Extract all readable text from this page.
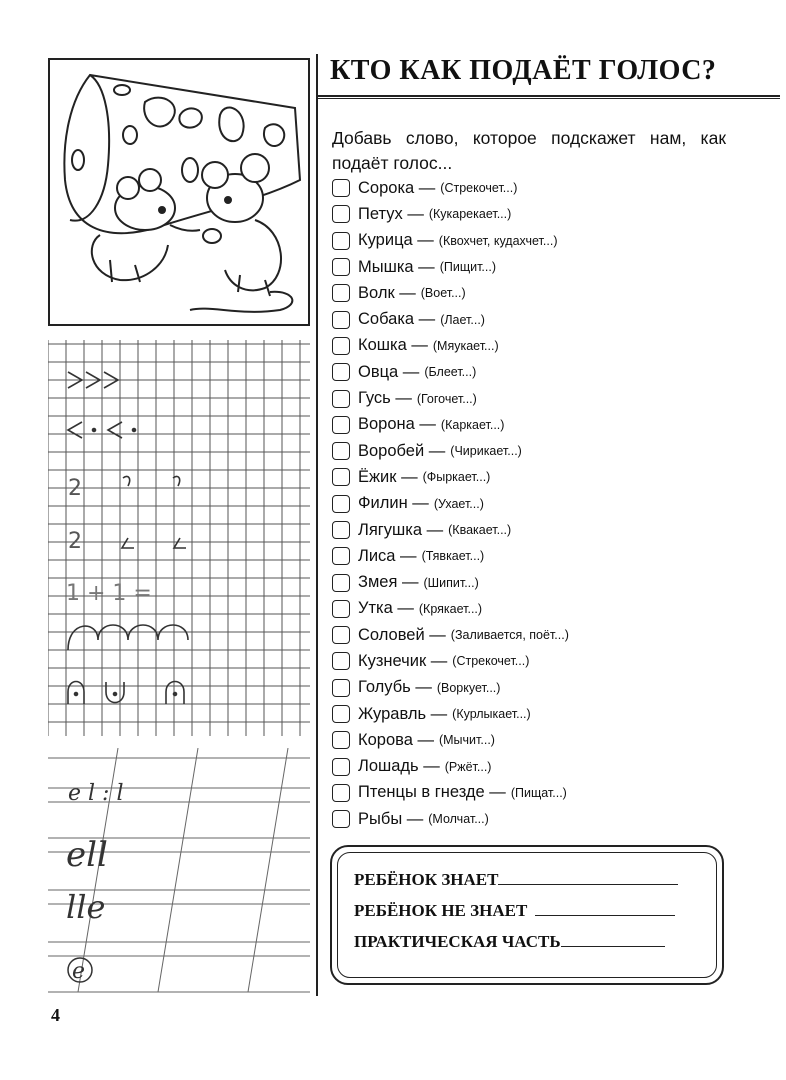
2
2
1 + 1 =
e l : l
ell
lle
e
КТО КАК ПОДАЁТ ГОЛОС?
Добавь слово, которое подскажет нам, как подаёт голос...
Сорока — (Стрекочет...)
Петух — (Кукарекает...)
Курица — (Квохчет, кудахчет...)
Мышка — (Пищит...)
Волк — (Воет...)
Собака — (Лает...)
Кошка — (Мяукает...)
Овца — (Блеет...)
Гусь — (Гогочет...)
Ворона — (Каркает...)
Воробей — (Чирикает...)
Ёжик — (Фыркает...)
Филин — (Ухает...)
Лягушка — (Квакает...)
Лиса — (Тявкает...)
Змея — (Шипит...)
Утка — (Крякает...)
Соловей — (Заливается, поёт...)
Кузнечик — (Стрекочет...)
Голубь — (Воркует...)
Журавль — (Курлыкает...)
Корова — (Мычит...)
Лошадь — (Ржёт...)
Птенцы в гнезде — (Пищат...)
Рыбы — (Молчат...)
РЕБЁНОК ЗНАЕТ
РЕБЁНОК НЕ ЗНАЕТ
ПРАКТИЧЕСКАЯ ЧАСТЬ
4
